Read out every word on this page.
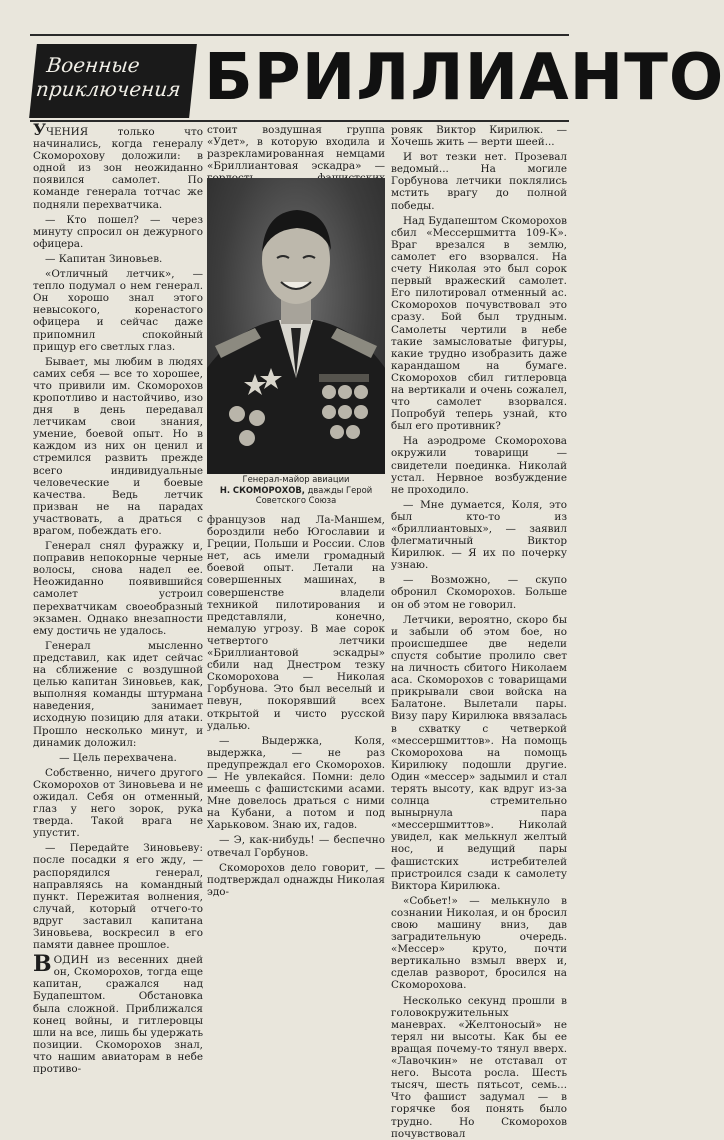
Военные
приключения БРИЛЛИАНТО

УЧЕНИЯ только что начинались, когда генералу Скоморохову доложили: в одной из зон неожиданно появился самолет. По команде генерала тотчас же подняли перехватчика.

— Кто пошел? — через минуту спросил он дежурного офицера.

— Капитан Зиновьев.

«Отличный летчик», — тепло подумал о нем генерал. Он хорошо знал этого невысокого, коренастого офицера и сейчас даже припомнил спокойный прищур его светлых глаз.

Бывает, мы любим в людях самих себя — все то хорошее, что привили им. Скоморохов кропотливо и настойчиво, изо дня в день передавал летчикам свои знания, умение, боевой опыт. Но в каждом из них он ценил и стремился развить прежде всего индивидуальные человеческие и боевые качества. Ведь летчик призван не на парадах участвовать, а драться с врагом, побеждать его.

Генерал снял фуражку и, поправив непокорные черные волосы, снова надел ее. Неожиданно появившийся самолет устроил перехватчикам своеобразный экзамен. Однако внезапности ему достичь не удалось.

Генерал мысленно представил, как идет сейчас на сближение с воздушной целью капитан Зиновьев, как, выполняя команды штурмана наведения, занимает исходную позицию для атаки. Прошло несколько минут, и динамик доложил:

— Цель перехвачена.

Собственно, ничего другого Скоморохов от Зиновьева и не ожидал. Себя он отменный, глаз у него зорок, рука тверда. Такой врага не упустит.

— Передайте Зиновьеву: после посадки я его жду, — распорядился генерал, направляясь на командный пункт. Пережитая волнения, случай, который отчего-то вдруг заставил капитана Зиновьева, воскресил в его памяти давнее прошлое.

ВОДИН из весенних дней он, Скоморохов, тогда еще капитан, сражался над Будапештом. Обстановка была сложной. Приближался конец войны, и гитлеровцы шли на все, лишь бы удержать позиции. Скоморохов знал, что нашим авиаторам в небе противо-

стоит воздушная группа «Удет», в которую входила и разрекламированная немцами «Бриллиантовая эскадра» —

Генерал-майор авиации
Н. СКОМОРОХОВ, дважды Герой
Советского Союза

французов над Ла-Маншем, бороздили небо Югославии и Греции, Польши и России. Слов нет, ась имели громадный боевой опыт. Летали на совершенных машинах, в совершенстве владели техникой пилотирования и представляли, конечно, немалую угрозу. В мае сорок четвертого летчики «Бриллиантовой эскадры» сбили над Днестром тезку Скоморохова — Николая Горбунова. Это был веселый и певун, покорявший всех открытой и чисто русской удалью.

— Выдержка, Коля, выдержка, — не раз предупреждал его Скоморохов. — Не увлекайся. Помни: дело имеешь с фашистскими асами. Мне довелось драться с ними на Кубани, а потом и под Харьковом. Знаю их, гадов.

— Э, как-нибудь! — беспечно отвечал Горбунов.

Скоморохов дело говорит, — подтверждал однажды Николая эдо-

ровяк Виктор Кирилюк. — Хочешь жить — верти шеей...

И вот тезки нет. Прозевал ведомый... На могиле Горбунова летчики поклялись мстить врагу до полной победы.

Над Будапештом Скоморохов сбил «Мессершмитта 109-К». Враг врезался в землю, самолет его взорвался. На счету Николая это был сорок первый вражеский самолет. Его пилотировал отменный ас. Скоморохов почувствовал это сразу. Бой был трудным. Самолеты чертили в небе такие замысловатые фигуры, какие трудно изобразить даже карандашом на бумаге. Скоморохов сбил гитлеровца на вертикали и очень сожалел, что самолет взорвался. Попробуй теперь узнай, кто был его противник?

На аэродроме Скоморохова окружили товарищи — свидетели поединка. Николай устал. Нервное возбуждение не проходило.

— Мне думается, Коля, это был кто-то из «бриллиантовых», — заявил флегматичный Виктор Кирилюк. — Я их по почерку узнаю.

— Возможно, — скупо обронил Скоморохов. Больше он об этом не говорил.

Летчики, вероятно, скоро бы и забыли об этом бое, но происшедшее две недели спустя событие пролило свет на личность сбитого Николаем аса. Скоморохов с товарищами прикрывали свои войска на Балатоне. Вылетали пары. Визу пару Кирилюка ввязалась в схватку с четверкой «мессершмиттов». На помощь Скоморохова на помощь Кирилюку подошли другие. Один «мессер» задымил и стал терять высоту, как вдруг из-за солнца стремительно вынырнула пара «мессершмиттов». Николай увидел, как мелькнул желтый нос, и ведущий пары фашистских истребителей пристроился сзади к самолету Виктора Кирилюка.

«Собьет!» — мелькнуло в сознании Николая, и он бросил свою машину вниз, дав заградительную очередь. «Мессер» круто, почти вертикально взмыл вверх и, сделав разворот, бросился на Скоморохова.

Несколько секунд прошли в головокружительных маневрах. «Желтоносый» не терял ни высоты. Как бы ее вращая почему-то тянул вверх. «Лавочкин» не отставал от него. Высота росла. Шесть тысяч, шесть пятьсот, семь... Что фашист задумал — в горячке боя понять было трудно. Но Скоморохов почувствовал
